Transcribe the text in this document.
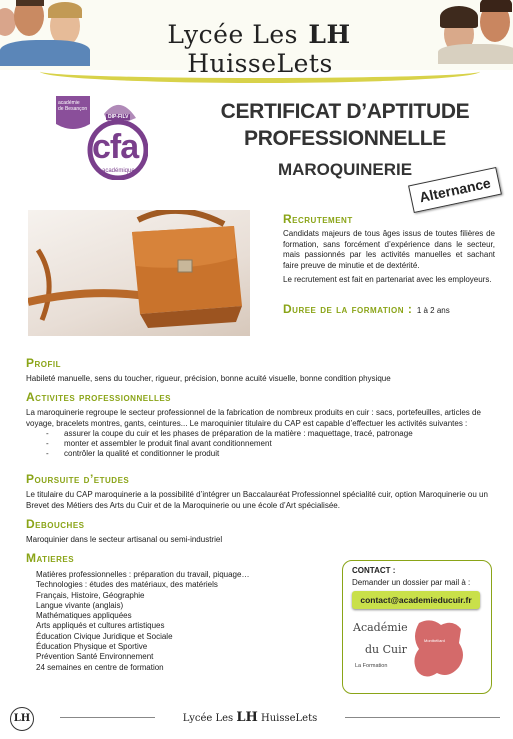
Lycée Les LH HuisseLets
académie
de Besançon
DIP-FILV
cfa
académique
CERTIFICAT D’APTITUDE
PROFESSIONNELLE
MAROQUINERIE
Alternance
Recrutement
Candidats majeurs de tous âges issus de toutes filières de formation, sans forcément d’expérience dans le secteur, mais passionnés par les activités manuelles et sachant faire preuve de minutie et de dextérité.
Le recrutement est fait en partenariat avec les employeurs.
Duree de la formation : 1 à 2 ans
Profil
Habileté manuelle, sens du toucher, rigueur, précision, bonne acuité visuelle, bonne condition physique
Activites professionnelles
La maroquinerie regroupe le secteur professionnel de la fabrication de nombreux produits en cuir : sacs, portefeuilles, articles de voyage, bracelets montres, gants, ceintures... Le maroquinier titulaire du CAP est capable d’effectuer les activités suivantes :
- assurer la coupe du cuir et les phases de préparation de la matière : maquettage, tracé, patronage
- monter et assembler le produit final avant conditionnement
- contrôler la qualité et conditionner le produit
Poursuite d’etudes
Le titulaire du CAP maroquinerie a la possibilité d’intégrer un Baccalauréat Professionnel spécialité cuir, option Maroquinerie ou un Brevet des Métiers des Arts du Cuir et de la Maroquinerie ou une école d’Art spécialisée.
Debouches
Maroquinier dans le secteur artisanal ou semi-industriel
Matieres
Matières professionnelles : préparation du travail, piquage…
Technologies : études des matériaux, des matériels
Français, Histoire, Géographie
Langue vivante (anglais)
Mathématiques appliquées
Arts appliqués et cultures artistiques
Éducation Civique Juridique et Sociale
Éducation Physique et Sportive
Prévention Santé Environnement
24 semaines en centre de formation
CONTACT :
Demander un dossier par mail à :
contact@academieducuir.fr
Académie
du Cuir
La Formation
Montbéliard
Lycée Les LH HuisseLets
LH
